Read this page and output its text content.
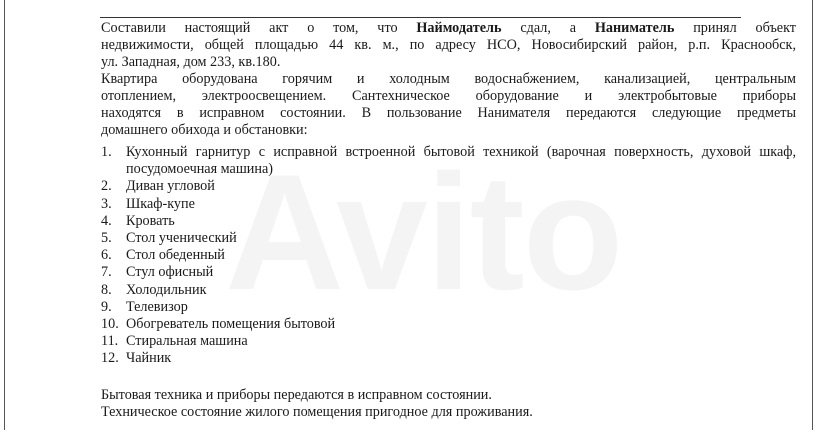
Составили настоящий акт о том, что Наймодатель сдал, а Наниматель принял объект
недвижимости, общей площадью 44 кв. м., по адресу НСО, Новосибирский район, р.п. Краснообск,
ул. Западная, дом 233, кв.180.

Квартира оборудована горячим и холодным водоснабжением, канализацией, центральным
отоплением, электроосвещением. Сантехническое оборудование и электробытовые приборы
находятся в исправном состоянии. В пользование Нанимателя передаются следующие предметы
домашнего обихода и обстановки:

1. Кухонный гарнитур с исправной встроенной бытовой техникой (варочная поверхность, духовой шкаф, посудомоечная машина)
2. Диван угловой
3. Шкаф-купе
4. Кровать
5. Стол ученический
6. Стол обеденный
7. Стул офисный
8. Холодильник
9. Телевизор
10. Обогреватель помещения бытовой
11. Стиральная машина
12. Чайник

Бытовая техника и приборы передаются в исправном состоянии.

Техническое состояние жилого помещения пригодное для проживания.
